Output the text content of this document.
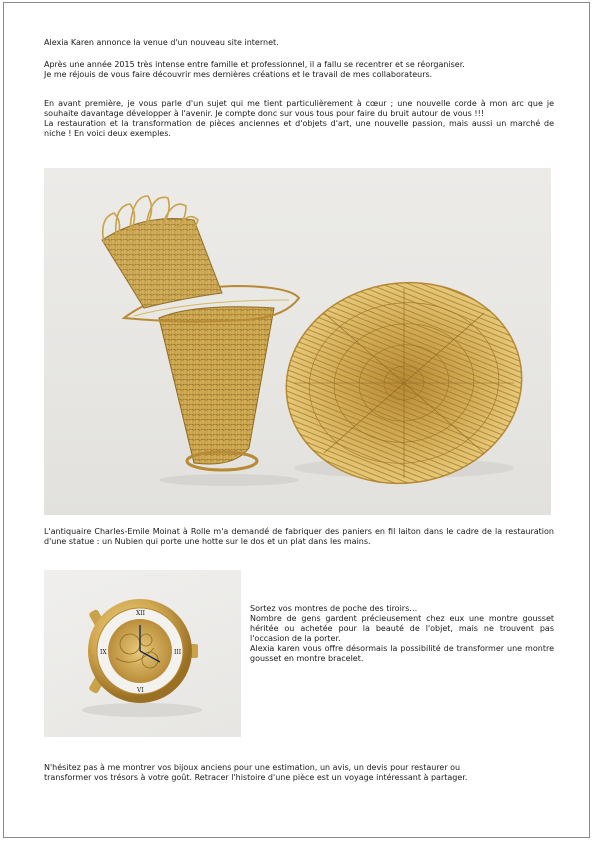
Alexia Karen annonce la venue d'un nouveau site internet.

Après une année 2015 très intense entre famille et professionnel, il a fallu se recentrer et se réorganiser.
Je me réjouis de vous faire découvrir mes dernières créations et le travail de mes collaborateurs.

En avant première, je vous parle d'un sujet qui me tient particulièrement à cœur ; une nouvelle corde à mon arc que je souhaite davantage développer à l'avenir. Je compte donc sur vous tous pour faire du bruit autour de vous !!!
La restauration et la transformation de pièces anciennes et d'objets d'art, une nouvelle passion, mais aussi un marché de niche ! En voici deux exemples.

L'antiquaire Charles-Emile Moinat à Rolle m'a demandé de fabriquer des paniers en fil laiton dans le cadre de la restauration d'une statue : un Nubien qui porte une hotte sur le dos et un plat dans les mains.

XII
III
VI
IX

Sortez vos montres de poche des tiroirs…
Nombre de gens gardent précieusement chez eux une montre gousset héritée ou achetée pour la beauté de l'objet, mais ne trouvent pas l'occasion de la porter.
Alexia karen vous offre désormais la possibilité de transformer une montre gousset en montre bracelet.

N'hésitez pas à me montrer vos bijoux anciens pour une estimation, un avis, un devis pour restaurer ou
transformer vos trésors à votre goût. Retracer l'histoire d'une pièce est un voyage intéressant à partager.
